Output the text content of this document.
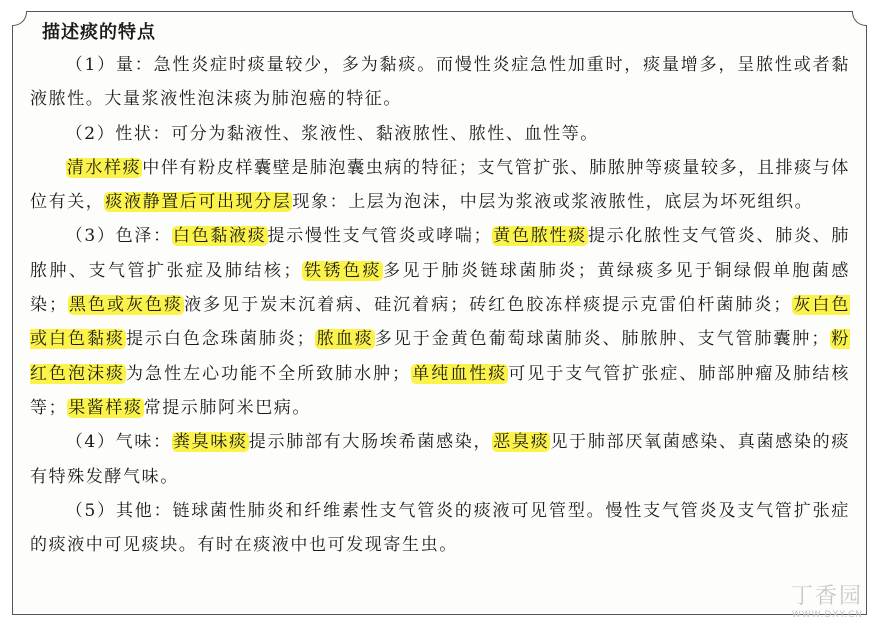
描述痰的特点

（1）量：急性炎症时痰量较少，多为黏痰。而慢性炎症急性加重时，痰量增多，呈脓性或者黏液脓性。大量浆液性泡沫痰为肺泡癌的特征。

（2）性状：可分为黏液性、浆液性、黏液脓性、脓性、血性等。

清水样痰中伴有粉皮样囊壁是肺泡囊虫病的特征；支气管扩张、肺脓肿等痰量较多，且排痰与体位有关，痰液静置后可出现分层现象：上层为泡沫，中层为浆液或浆液脓性，底层为坏死组织。

（3）色泽：白色黏液痰提示慢性支气管炎或哮喘；黄色脓性痰提示化脓性支气管炎、肺炎、肺脓肿、支气管扩张症及肺结核；铁锈色痰多见于肺炎链球菌肺炎；黄绿痰多见于铜绿假单胞菌感染；黑色或灰色痰液多见于炭末沉着病、硅沉着病；砖红色胶冻样痰提示克雷伯杆菌肺炎；灰白色或白色黏痰提示白色念珠菌肺炎；脓血痰多见于金黄色葡萄球菌肺炎、肺脓肿、支气管肺囊肿；粉红色泡沫痰为急性左心功能不全所致肺水肿；单纯血性痰可见于支气管扩张症、肺部肿瘤及肺结核等；果酱样痰常提示肺阿米巴病。

（4）气味：粪臭味痰提示肺部有大肠埃希菌感染，恶臭痰见于肺部厌氧菌感染、真菌感染的痰有特殊发酵气味。

（5）其他：链球菌性肺炎和纤维素性支气管炎的痰液可见管型。慢性支气管炎及支气管扩张症的痰液中可见痰块。有时在痰液中也可发现寄生虫。

丁香园
WWW.DXY.CN
